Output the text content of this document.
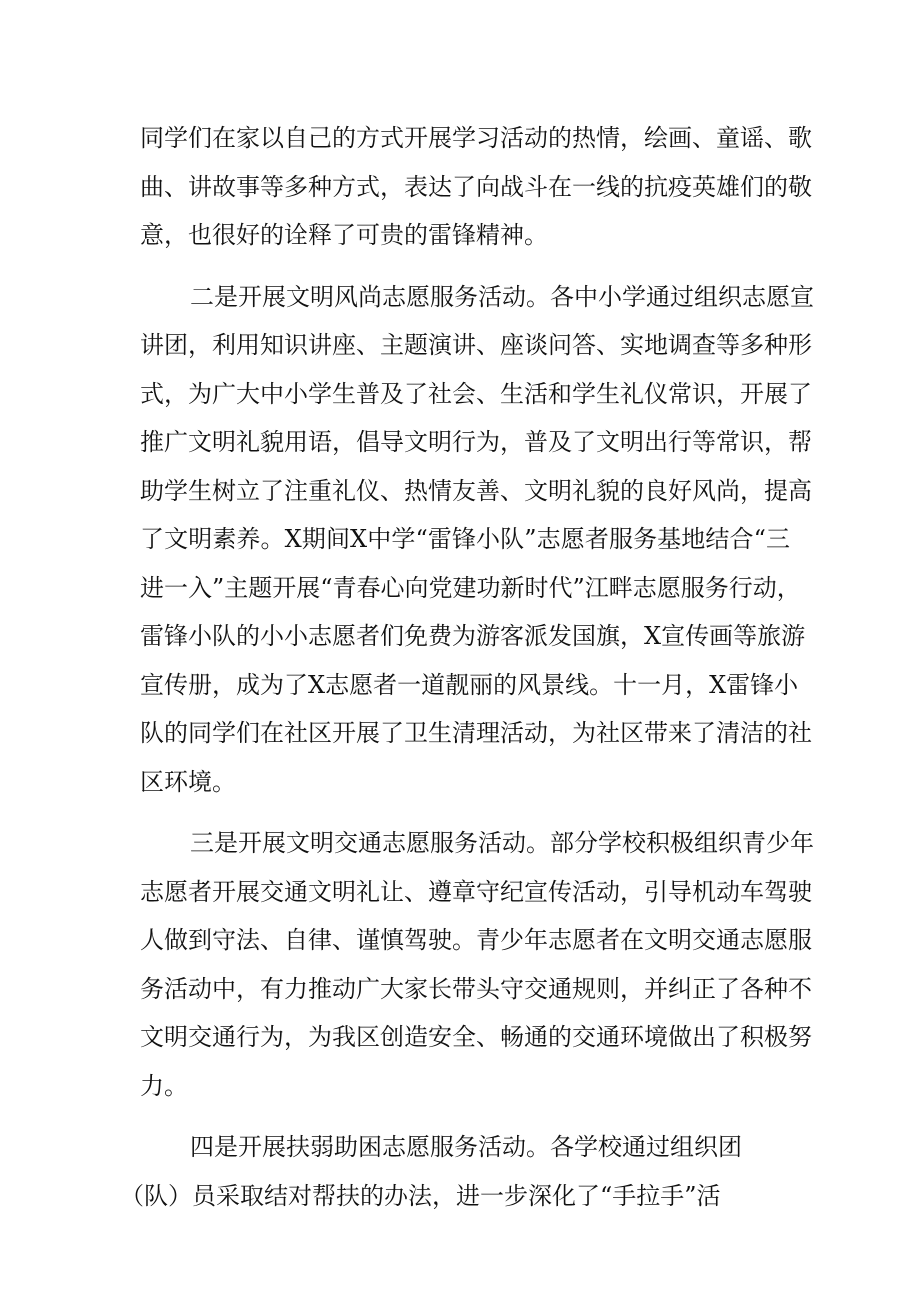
同学们在家以自己的方式开展学习活动的热情，绘画、童谣、歌
曲、讲故事等多种方式，表达了向战斗在一线的抗疫英雄们的敬
意，也很好的诠释了可贵的雷锋精神。
二是开展文明风尚志愿服务活动。各中小学通过组织志愿宣
讲团，利用知识讲座、主题演讲、座谈问答、实地调查等多种形
式，为广大中小学生普及了社会、生活和学生礼仪常识，开展了
推广文明礼貌用语，倡导文明行为，普及了文明出行等常识，帮
助学生树立了注重礼仪、热情友善、文明礼貌的良好风尚，提高
了文明素养。X期间X中学“雷锋小队”志愿者服务基地结合“三
进一入”主题开展“青春心向党建功新时代”江畔志愿服务行动，
雷锋小队的小小志愿者们免费为游客派发国旗，X宣传画等旅游
宣传册，成为了X志愿者一道靓丽的风景线。十一月，X雷锋小
队的同学们在社区开展了卫生清理活动，为社区带来了清洁的社
区环境。
三是开展文明交通志愿服务活动。部分学校积极组织青少年
志愿者开展交通文明礼让、遵章守纪宣传活动，引导机动车驾驶
人做到守法、自律、谨慎驾驶。青少年志愿者在文明交通志愿服
务活动中，有力推动广大家长带头守交通规则，并纠正了各种不
文明交通行为，为我区创造安全、畅通的交通环境做出了积极努
力。
四是开展扶弱助困志愿服务活动。各学校通过组织团
（队）员采取结对帮扶的办法，进一步深化了“手拉手”活
